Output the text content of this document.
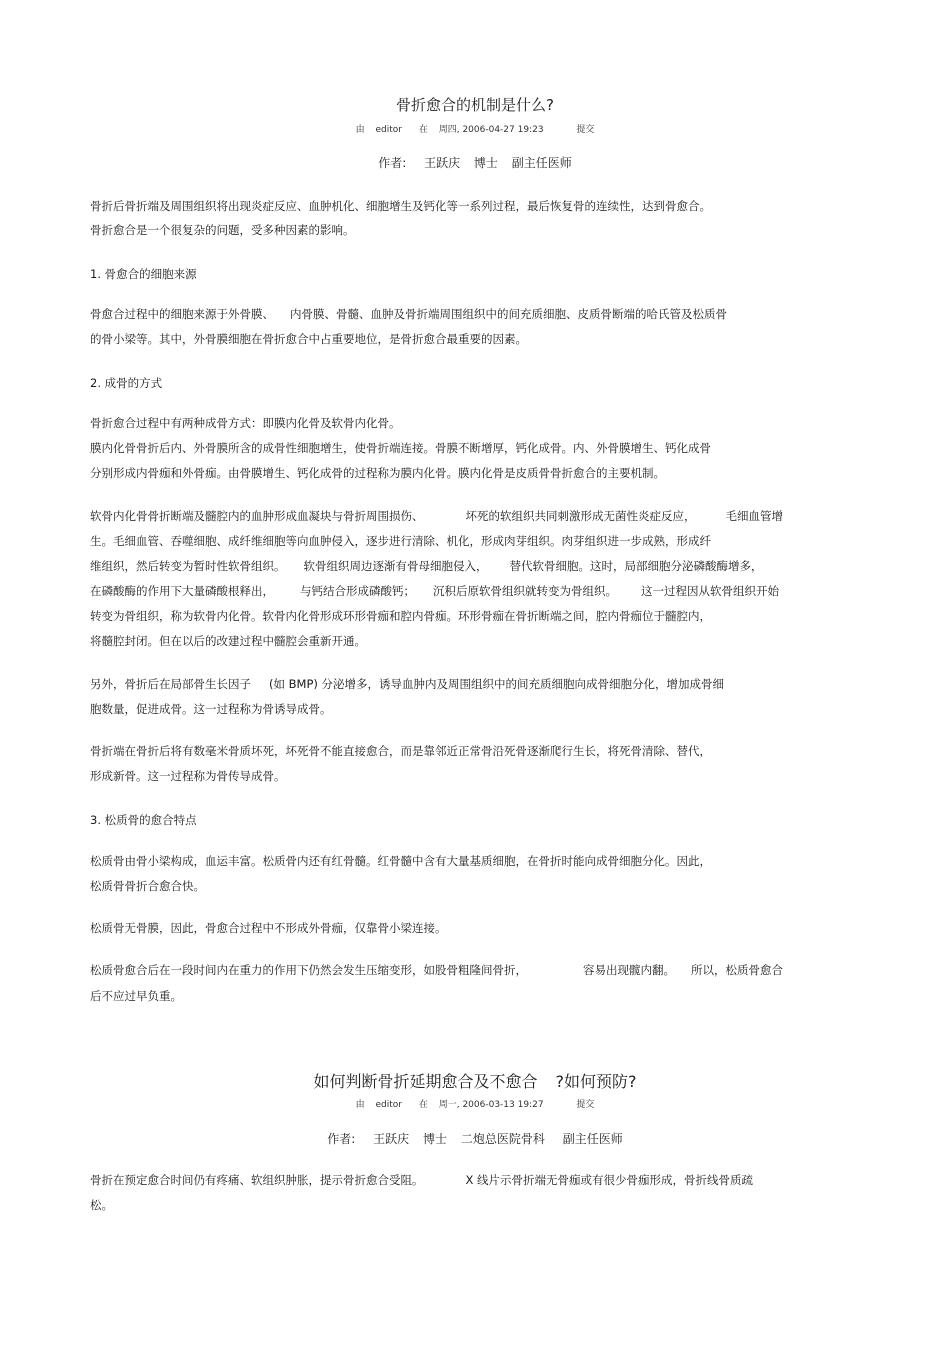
骨折愈合的机制是什么?
由 editor 在 周四, 2006-04-27 19:23	提交
作者: 王跃庆 博士 副主任医师
骨折后骨折端及周围组织将出现炎症反应、血肿机化、细胞增生及钙化等一系列过程，最后恢复骨的连续性，达到骨愈合。
骨折愈合是一个很复杂的问题，受多种因素的影响。
1. 骨愈合的细胞来源
骨愈合过程中的细胞来源于外骨膜、 内骨膜、骨髓、血肿及骨折端周围组织中的间充质细胞、皮质骨断端的哈氏管及松质骨
的骨小梁等。其中，外骨膜细胞在骨折愈合中占重要地位，是骨折愈合最重要的因素。
2. 成骨的方式
骨折愈合过程中有两种成骨方式：即膜内化骨及软骨内化骨。
膜内化骨骨折后内、外骨膜所含的成骨性细胞增生，使骨折端连接。骨膜不断增厚，钙化成骨。内、外骨膜增生、钙化成骨
分别形成内骨痂和外骨痂。由骨膜增生、钙化成骨的过程称为膜内化骨。膜内化骨是皮质骨骨折愈合的主要机制。
软骨内化骨骨折断端及髓腔内的血肿形成血凝块与骨折周围损伤、	坏死的软组织共同刺激形成无菌性炎症反应，	毛细血管增
生。毛细血管、吞噬细胞、成纤维细胞等向血肿侵入，逐步进行清除、机化，形成肉芽组织。肉芽组织进一步成熟，形成纤
维组织，然后转变为暂时性软骨组织。 软骨组织周边逐渐有骨母细胞侵入， 替代软骨细胞。这时，局部细胞分泌磷酸酶增多，
在磷酸酶的作用下大量磷酸根释出， 与钙结合形成磷酸钙； 沉积后原软骨组织就转变为骨组织。 这一过程因从软骨组织开始
转变为骨组织，称为软骨内化骨。软骨内化骨形成环形骨痂和腔内骨痂。环形骨痂在骨折断端之间，腔内骨痂位于髓腔内，
将髓腔封闭。但在以后的改建过程中髓腔会重新开通。
另外，骨折后在局部骨生长因子 (如 BMP) 分泌增多，诱导血肿内及周围组织中的间充质细胞向成骨细胞分化，增加成骨细
胞数量，促进成骨。这一过程称为骨诱导成骨。
骨折端在骨折后将有数毫米骨质坏死，坏死骨不能直接愈合，而是靠邻近正常骨沿死骨逐渐爬行生长，将死骨清除、替代，
形成新骨。这一过程称为骨传导成骨。
3. 松质骨的愈合特点
松质骨由骨小梁构成，血运丰富。松质骨内还有红骨髓。红骨髓中含有大量基质细胞，在骨折时能向成骨细胞分化。因此，
松质骨骨折合愈合快。
松质骨无骨膜，因此，骨愈合过程中不形成外骨痂，仅靠骨小梁连接。
松质骨愈合后在一段时间内在重力的作用下仍然会发生压缩变形，如股骨粗隆间骨折，	容易出现髋内翻。 所以，松质骨愈合
后不应过早负重。
如何判断骨折延期愈合及不愈合 ?如何预防?
由 editor 在 周一, 2006-03-13 19:27	提交
作者: 王跃庆 博士 二炮总医院骨科 副主任医师
骨折在预定愈合时间仍有疼痛、软组织肿胀，提示骨折愈合受阻。	X 线片示骨折端无骨痂或有很少骨痂形成，骨折线骨质疏
松。
